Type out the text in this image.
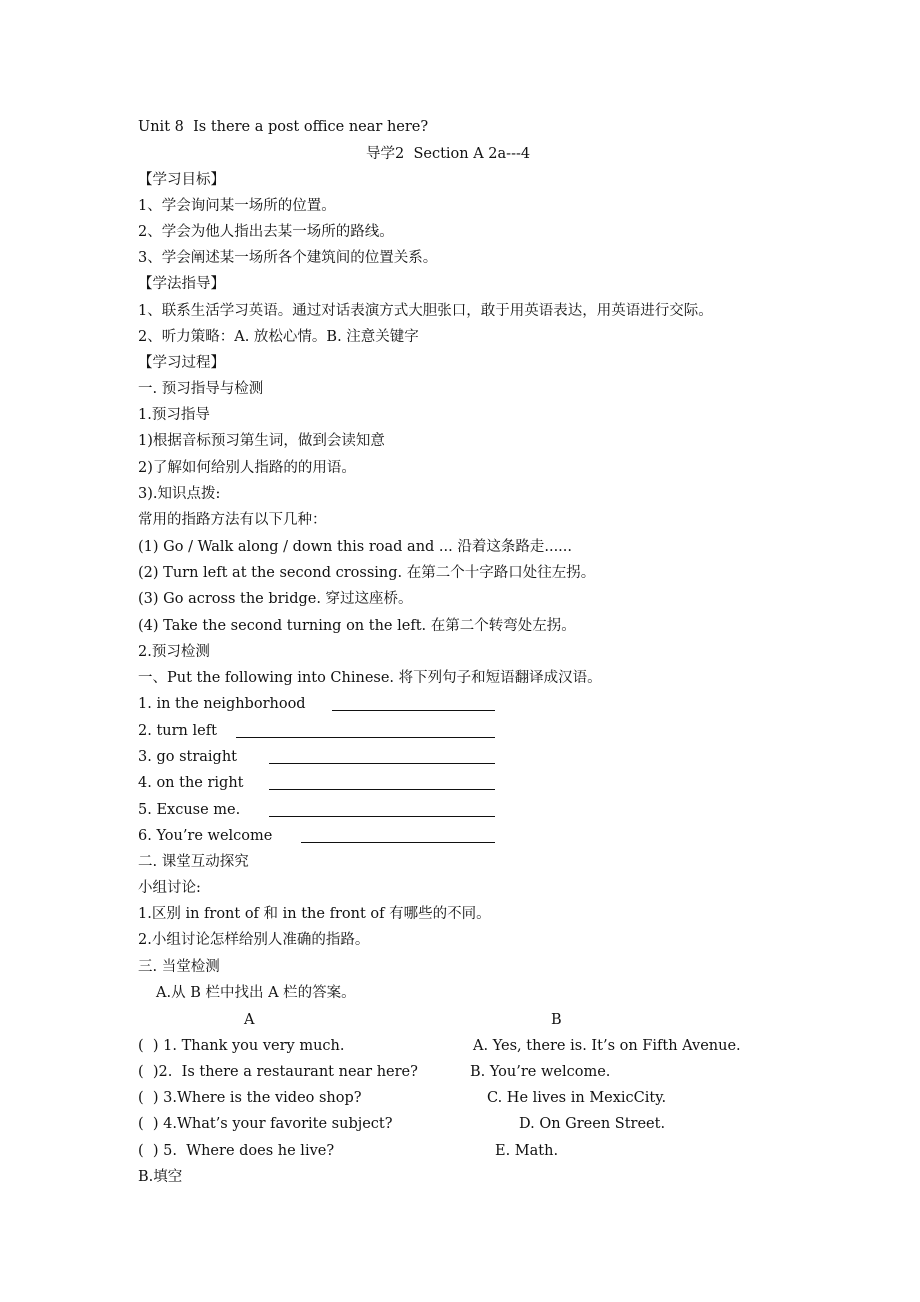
Unit 8  Is there a post office near here?
导学2  Section A 2a---4
【学习目标】
1、学会询问某一场所的位置。
2、学会为他人指出去某一场所的路线。
3、学会阐述某一场所各个建筑间的位置关系。
【学法指导】
1、联系生活学习英语。通过对话表演方式大胆张口，敢于用英语表达，用英语进行交际。
2、听力策略：A. 放松心情。B. 注意关键字
【学习过程】
一. 预习指导与检测
1.预习指导
1)根据音标预习第生词，做到会读知意
2)了解如何给别人指路的的用语。
3).知识点拨:
常用的指路方法有以下几种：
(1) Go / Walk along / down this road and ... 沿着这条路走......
(2) Turn left at the second crossing. 在第二个十字路口处往左拐。
(3) Go across the bridge. 穿过这座桥。
(4) Take the second turning on the left. 在第二个转弯处左拐。
2.预习检测
一、Put the following into Chinese. 将下列句子和短语翻译成汉语。
1. in the neighborhood
2. turn left
3. go straight
4. on the right
5. Excuse me.
6. You’re welcome
二. 课堂互动探究
小组讨论:
1.区别 in front of 和 in the front of 有哪些的不同。
2.小组讨论怎样给别人准确的指路。
三. 当堂检测
A.从 B 栏中找出 A 栏的答案。
A	B
(  ) 1. Thank you very much.	A. Yes, there is. It’s on Fifth Avenue.
(  )2.  Is there a restaurant near here?	B. You’re welcome.
(  ) 3.Where is the video shop?	C. He lives in MexicCity.
(  ) 4.What’s your favorite subject?	D. On Green Street.
(  ) 5.  Where does he live?	E. Math.
B.填空
